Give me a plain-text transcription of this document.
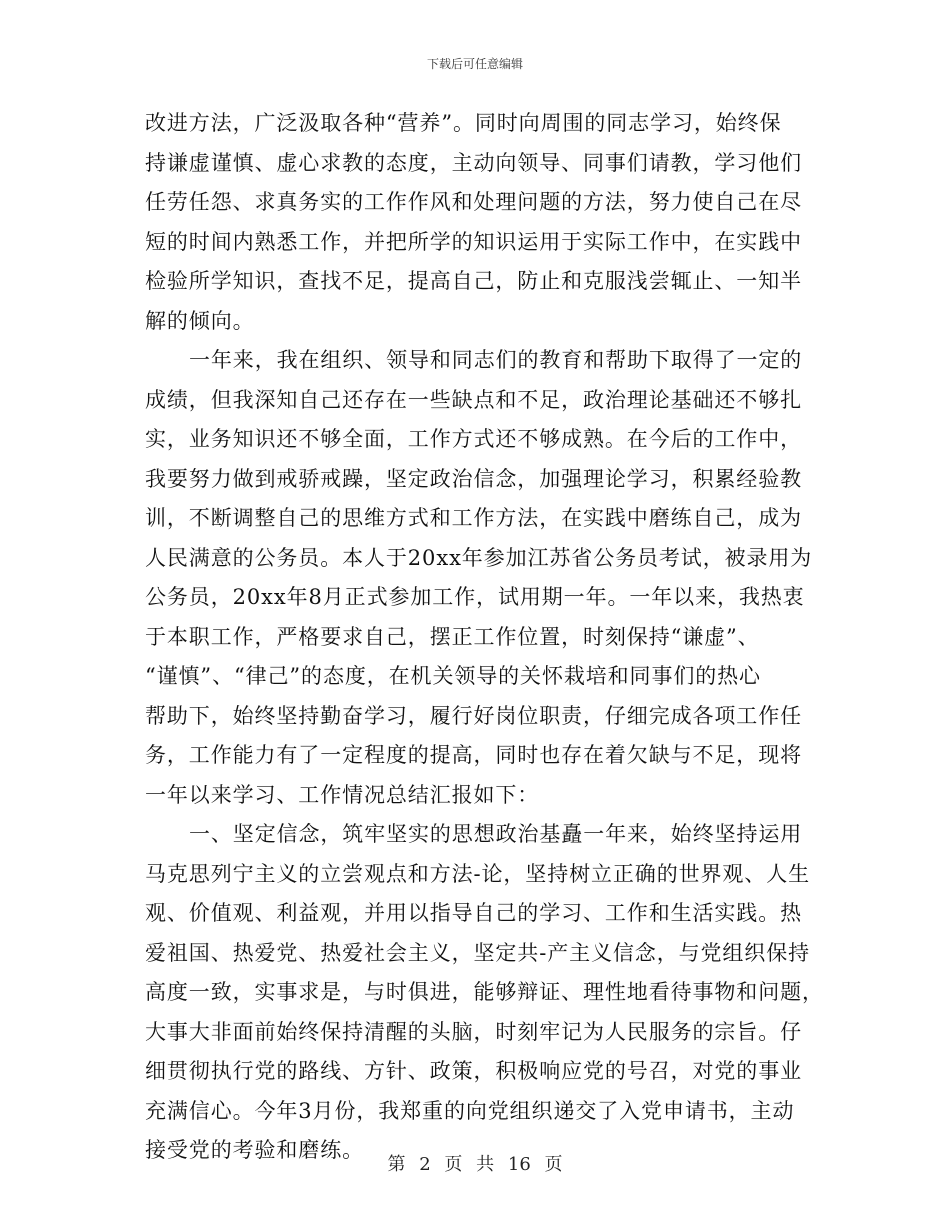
下载后可任意编辑
改进方法，广泛汲取各种“营养”。同时向周围的同志学习，始终保
持谦虚谨慎、虚心求教的态度，主动向领导、同事们请教，学习他们
任劳任怨、求真务实的工作作风和处理问题的方法，努力使自己在尽
短的时间内熟悉工作，并把所学的知识运用于实际工作中，在实践中
检验所学知识，查找不足，提高自己，防止和克服浅尝辄止、一知半
解的倾向。
一年来，我在组织、领导和同志们的教育和帮助下取得了一定的
成绩，但我深知自己还存在一些缺点和不足，政治理论基础还不够扎
实，业务知识还不够全面，工作方式还不够成熟。在今后的工作中，
我要努力做到戒骄戒躁，坚定政治信念，加强理论学习，积累经验教
训，不断调整自己的思维方式和工作方法，在实践中磨练自己，成为
人民满意的公务员。本人于20xx年参加江苏省公务员考试，被录用为
公务员，20xx年8月正式参加工作，试用期一年。一年以来，我热衷
于本职工作，严格要求自己，摆正工作位置，时刻保持“谦虚”、
“谨慎”、“律己”的态度，在机关领导的关怀栽培和同事们的热心
帮助下，始终坚持勤奋学习，履行好岗位职责，仔细完成各项工作任
务，工作能力有了一定程度的提高，同时也存在着欠缺与不足，现将
一年以来学习、工作情况总结汇报如下：
一、坚定信念，筑牢坚实的思想政治基矗一年来，始终坚持运用
马克思列宁主义的立尝观点和方法-论，坚持树立正确的世界观、人生
观、价值观、利益观，并用以指导自己的学习、工作和生活实践。热
爱祖国、热爱党、热爱社会主义，坚定共-产主义信念，与党组织保持
高度一致，实事求是，与时俱进，能够辩证、理性地看待事物和问题，
大事大非面前始终保持清醒的头脑，时刻牢记为人民服务的宗旨。仔
细贯彻执行党的路线、方针、政策，积极响应党的号召，对党的事业
充满信心。今年3月份，我郑重的向党组织递交了入党申请书，主动
接受党的考验和磨练。
第 2 页 共 16 页
